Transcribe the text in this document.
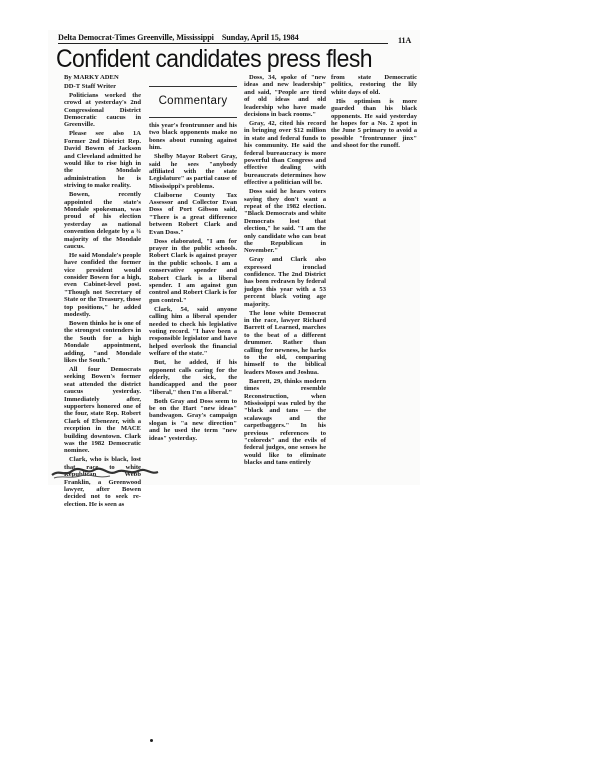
Delta Democrat-Times Greenville, Mississippi Sunday, April 15, 1984	11A
Confident candidates press flesh

By MARKY ADEN

DD-T Staff Writer

Politicians worked the crowd at yesterday's 2nd Congressional District Democratic caucus in Greenville.

Please see also 1A Former 2nd District Rep. David Bowen of Jackson and Cleveland admitted he would like to rise high in the Mondale administration he is striving to make reality.

Bowen, recently appointed the state's Mondale spokesman, was proud of his election yesterday as national convention delegate by a ¾ majority of the Mondale caucus.

He said Mondale's people have confided the former vice president would consider Bowen for a high, even Cabinet-level post. "Though not Secretary of State or the Treasury, those top positions," he added modestly.

Bowen thinks he is one of the strongest contenders in the South for a high Mondale appointment, adding, "and Mondale likes the South."

All four Democrats seeking Bowen's former seat attended the district caucus yesterday. Immediately after, supporters honored one of the four, state Rep. Robert Clark of Ebenezer, with a reception in the MACE building downtown. Clark was the 1982 Democratic nominee.

Clark, who is black, lost that race to white Republican Webb Franklin, a Greenwood lawyer, after Bowen decided not to seek re-election. He is seen as

Commentary

this year's frontrunner and his two black opponents make no bones about running against him.

Shelby Mayor Robert Gray, said he sees "anybody affiliated with the state Legislature" as partial cause of Mississippi's problems.

Claiborne County Tax Assessor and Collector Evan Doss of Port Gibson said, "There is a great difference between Robert Clark and Evan Doss."

Doss elaborated, "I am for prayer in the public schools. Robert Clark is against prayer in the public schools. I am a conservative spender and Robert Clark is a liberal spender. I am against gun control and Robert Clark is for gun control."

Clark, 54, said anyone calling him a liberal spender needed to check his legislative voting record. "I have been a responsible legislator and have helped overlook the financial welfare of the state."

But, he added, if his opponent calls caring for the elderly, the sick, the handicapped and the poor "liberal," then I'm a liberal."

Both Gray and Doss seem to be on the Hart "new ideas" bandwagon. Gray's campaign slogan is "a new direction" and he used the term "new ideas" yesterday.

Doss, 34, spoke of "new ideas and new leadership" and said, "People are tired of old ideas and old leadership who have made decisions in back rooms."

Gray, 42, cited his record in bringing over $12 million in state and federal funds to his community. He said the federal bureaucracy is more powerful than Congress and effective dealing with bureaucrats determines how effective a politician will be.

Doss said he hears voters saying they don't want a repeat of the 1982 election. "Black Democrats and white Democrats lost that election," he said. "I am the only candidate who can beat the Republican in November."

Gray and Clark also expressed ironclad confidence. The 2nd District has been redrawn by federal judges this year with a 53 percent black voting age majority.

The lone white Democrat in the race, lawyer Richard Barrett of Learned, marches to the beat of a different drummer. Rather than calling for newness, he harks to the old, comparing himself to the biblical leaders Moses and Joshua.

Barrett, 29, thinks modern times resemble Reconstruction, when Mississippi was ruled by the "black and tans — the scalawags and the carpetbaggers." In his previous references to "coloreds" and the evils of federal judges, one senses he would like to eliminate blacks and tans entirely

from state Democratic politics, restoring the lily white days of old.

His optimism is more guarded than his black opponents. He said yesterday he hopes for a No. 2 spot in the June 5 primary to avoid a possible "frontrunner jinx" and shoot for the runoff.
